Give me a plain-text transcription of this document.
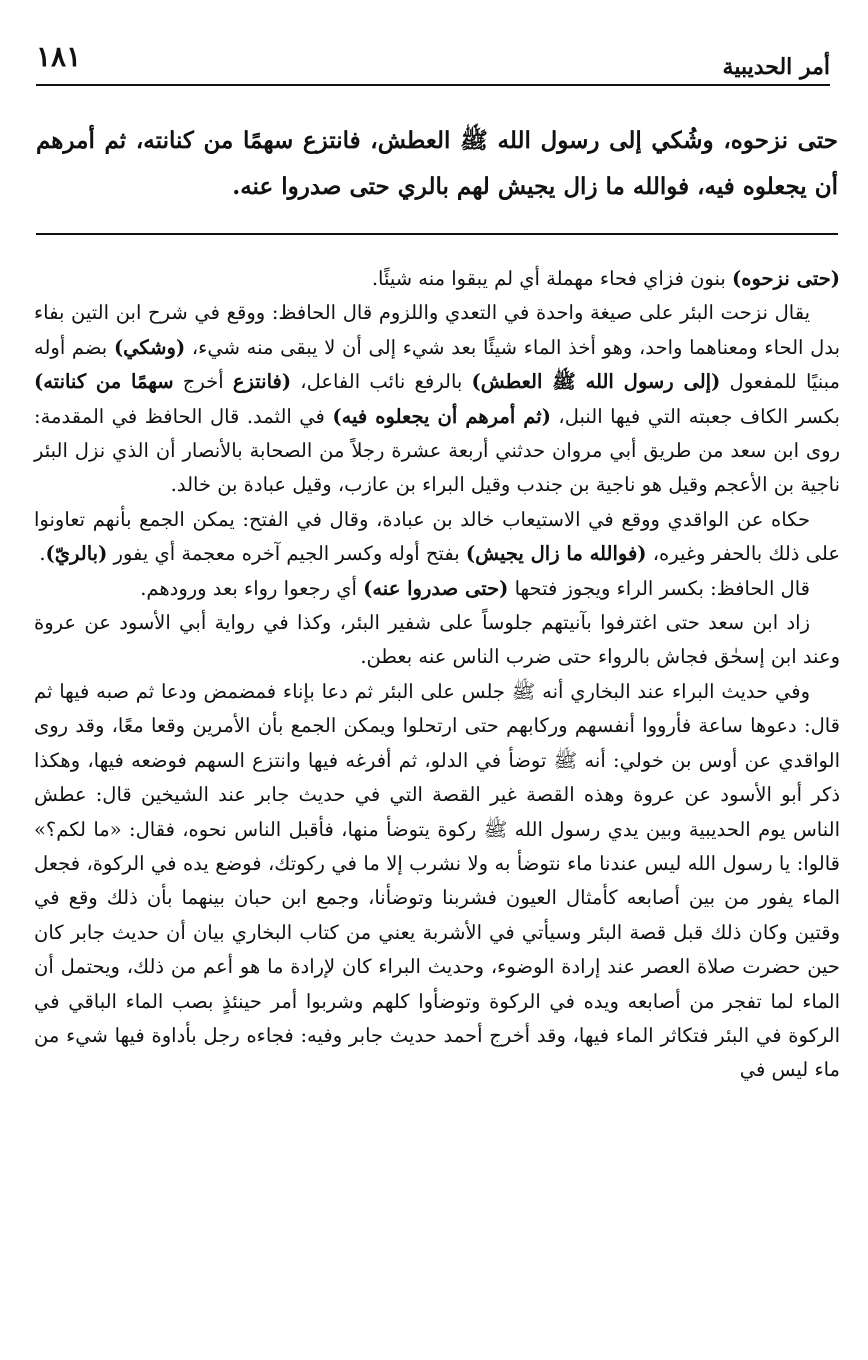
أمر الحديبية
١٨١
حتى نزحوه، وشُكي إلى رسول الله ﷺ العطش، فانتزع سهمًا من كنانته، ثم أمرهم أن يجعلوه فيه، فوالله ما زال يجيش لهم بالري حتى صدروا عنه.

(حتى نزحوه) بنون فزاي فحاء مهملة أي لم يبقوا منه شيئًا.

يقال نزحت البئر على صيغة واحدة في التعدي واللزوم قال الحافظ: ووقع في شرح ابن التين بفاء بدل الحاء ومعناهما واحد، وهو أخذ الماء شيئًا بعد شيء إلى أن لا يبقى منه شيء، (وشكي) بضم أوله مبنيًا للمفعول (إلى رسول الله ﷺ العطش) بالرفع نائب الفاعل، (فانتزع أخرج سهمًا من كنانته) بكسر الكاف جعبته التي فيها النبل، (ثم أمرهم أن يجعلوه فيه) في الثمد. قال الحافظ في المقدمة: روى ابن سعد من طريق أبي مروان حدثني أربعة عشرة رجلاً من الصحابة بالأنصار أن الذي نزل البئر ناجية بن الأعجم وقيل هو ناجية بن جندب وقيل البراء بن عازب، وقيل عبادة بن خالد.

حكاه عن الواقدي ووقع في الاستيعاب خالد بن عبادة، وقال في الفتح: يمكن الجمع بأنهم تعاونوا على ذلك بالحفر وغيره، (فوالله ما زال يجيش) بفتح أوله وكسر الجيم آخره معجمة أي يفور (بالريّ).

قال الحافظ: بكسر الراء ويجوز فتحها (حتى صدروا عنه) أي رجعوا رواء بعد ورودهم.

زاد ابن سعد حتى اغترفوا بآنيتهم جلوساً على شفير البئر، وكذا في رواية أبي الأسود عن عروة وعند ابن إسحٰق فجاش بالرواء حتى ضرب الناس عنه بعطن.

وفي حديث البراء عند البخاري أنه ﷺ جلس على البئر ثم دعا بإناء فمضمض ودعا ثم صبه فيها ثم قال: دعوها ساعة فأرووا أنفسهم وركابهم حتى ارتحلوا ويمكن الجمع بأن الأمرين وقعا معًا، وقد روى الواقدي عن أوس بن خولي: أنه ﷺ توضأ في الدلو، ثم أفرغه فيها وانتزع السهم فوضعه فيها، وهكذا ذكر أبو الأسود عن عروة وهذه القصة غير القصة التي في حديث جابر عند الشيخين قال: عطش الناس يوم الحديبية وبين يدي رسول الله ﷺ ركوة يتوضأ منها، فأقبل الناس نحوه، فقال: «ما لكم؟» قالوا: يا رسول الله ليس عندنا ماء نتوضأ به ولا نشرب إلا ما في ركوتك، فوضع يده في الركوة، فجعل الماء يفور من بين أصابعه كأمثال العيون فشربنا وتوضأنا، وجمع ابن حبان بينهما بأن ذلك وقع في وقتين وكان ذلك قبل قصة البئر وسيأتي في الأشربة يعني من كتاب البخاري بيان أن حديث جابر كان حين حضرت صلاة العصر عند إرادة الوضوء، وحديث البراء كان لإرادة ما هو أعم من ذلك، ويحتمل أن الماء لما تفجر من أصابعه ويده في الركوة وتوضأوا كلهم وشربوا أمر حينئذٍ بصب الماء الباقي في الركوة في البئر فتكاثر الماء فيها، وقد أخرج أحمد حديث جابر وفيه: فجاءه رجل بأداوة فيها شيء من ماء ليس في
